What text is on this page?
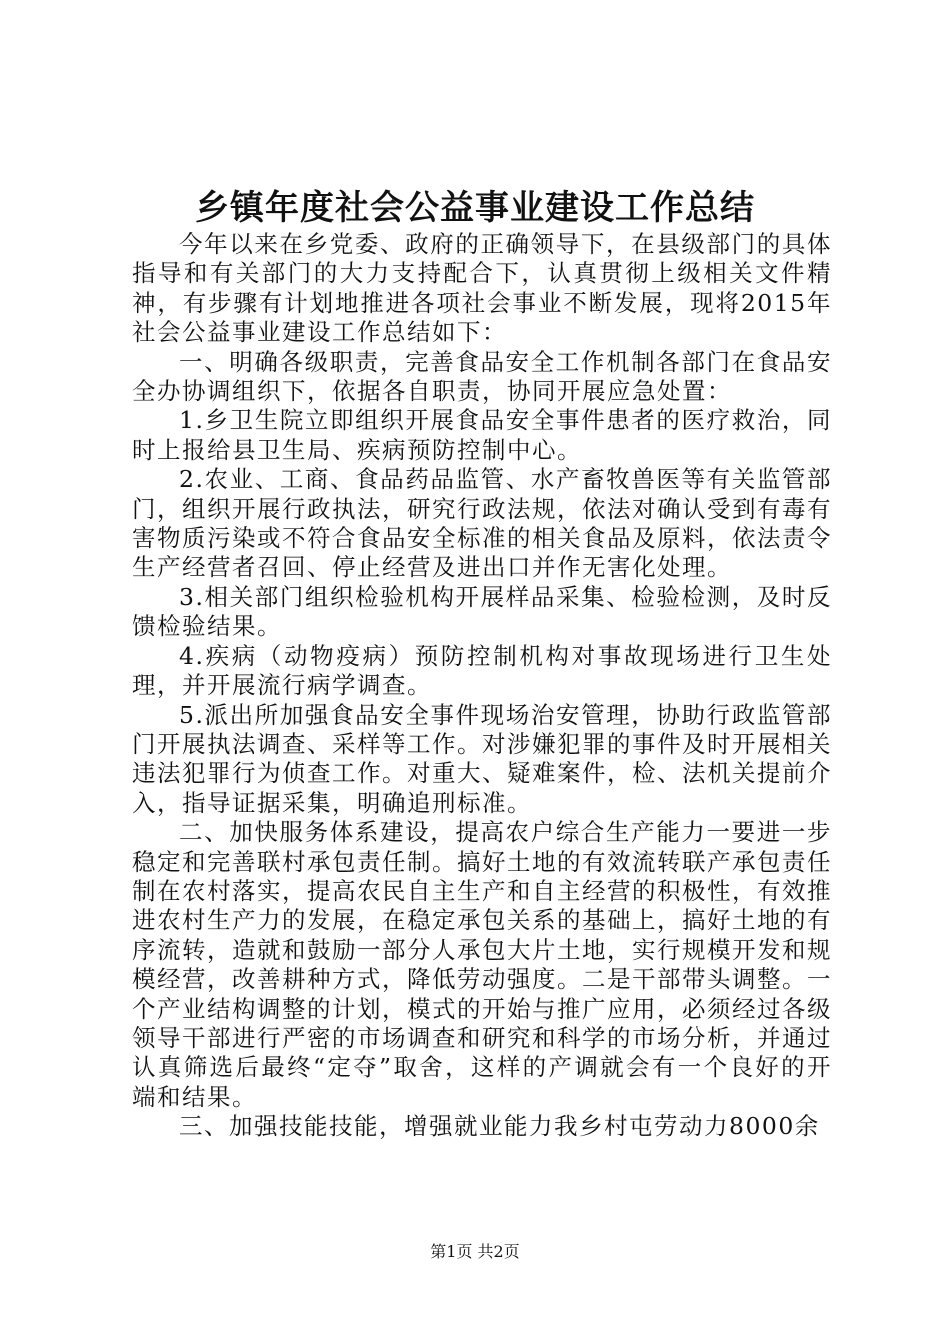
乡镇年度社会公益事业建设工作总结

今年以来在乡党委、政府的正确领导下，在县级部门的具体指导和有关部门的大力支持配合下，认真贯彻上级相关文件精神，有步骤有计划地推进各项社会事业不断发展，现将2015年社会公益事业建设工作总结如下：

一、明确各级职责，完善食品安全工作机制各部门在食品安全办协调组织下，依据各自职责，协同开展应急处置：

1.乡卫生院立即组织开展食品安全事件患者的医疗救治，同时上报给县卫生局、疾病预防控制中心。

2.农业、工商、食品药品监管、水产畜牧兽医等有关监管部门，组织开展行政执法，研究行政法规，依法对确认受到有毒有害物质污染或不符合食品安全标准的相关食品及原料，依法责令生产经营者召回、停止经营及进出口并作无害化处理。

3.相关部门组织检验机构开展样品采集、检验检测，及时反馈检验结果。

4.疾病（动物疫病）预防控制机构对事故现场进行卫生处理，并开展流行病学调查。

5.派出所加强食品安全事件现场治安管理，协助行政监管部门开展执法调查、采样等工作。对涉嫌犯罪的事件及时开展相关违法犯罪行为侦查工作。对重大、疑难案件，检、法机关提前介入，指导证据采集，明确追刑标准。

二、加快服务体系建设，提高农户综合生产能力一要进一步稳定和完善联村承包责任制。搞好土地的有效流转联产承包责任制在农村落实，提高农民自主生产和自主经营的积极性，有效推进农村生产力的发展，在稳定承包关系的基础上，搞好土地的有序流转，造就和鼓励一部分人承包大片土地，实行规模开发和规模经营，改善耕种方式，降低劳动强度。二是干部带头调整。一个产业结构调整的计划，模式的开始与推广应用，必须经过各级领导干部进行严密的市场调查和研究和科学的市场分析，并通过认真筛选后最终“定夺”取舍，这样的产调就会有一个良好的开端和结果。

三、加强技能技能，增强就业能力我乡村屯劳动力8000余

第1页 共2页
